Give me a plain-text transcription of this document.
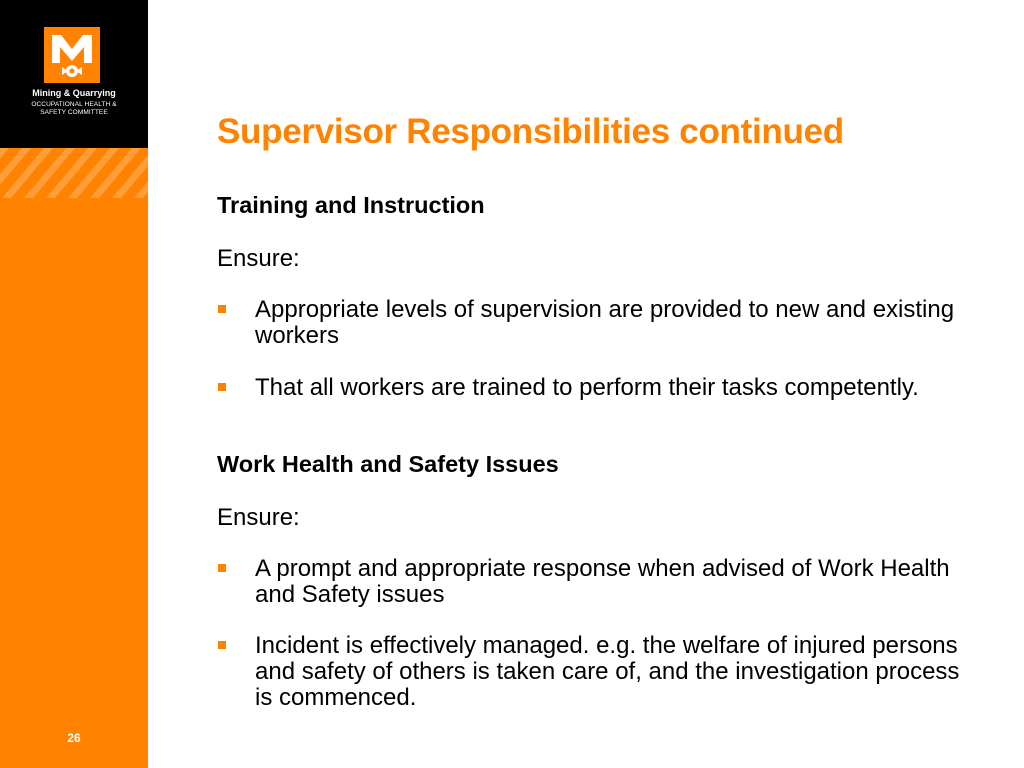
Mining & Quarrying
OCCUPATIONAL HEALTH &
SAFETY COMMITTEE
26
Supervisor Responsibilities continued
Training and Instruction
Ensure:
Appropriate levels of supervision are provided to new and existing workers
That all workers are trained to perform their tasks competently.
Work Health and Safety Issues
Ensure:
A prompt and appropriate response when advised of Work Health and Safety issues
Incident is effectively managed. e.g. the welfare of injured persons and safety of others is taken care of, and the investigation process is commenced.
